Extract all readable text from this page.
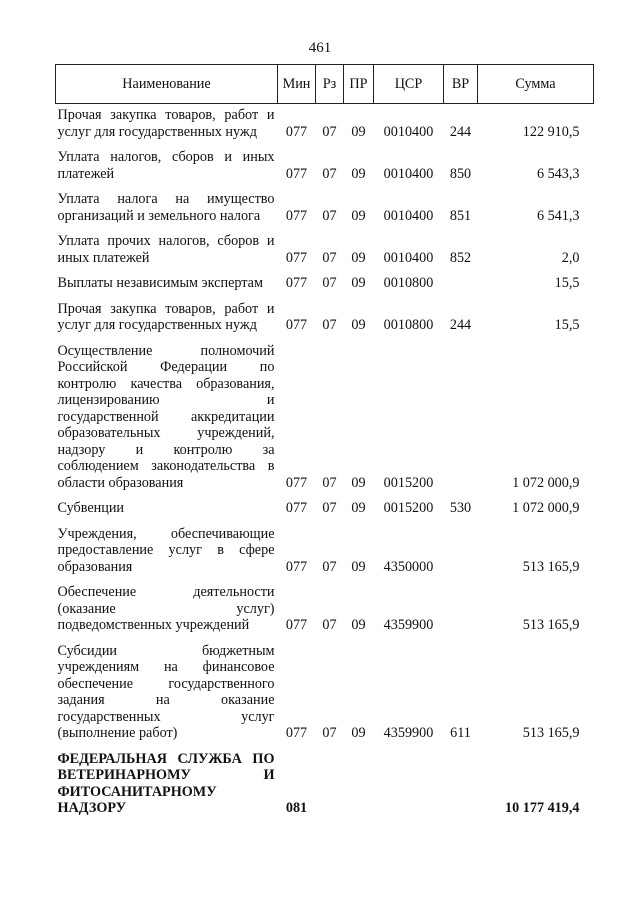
461
Наименование	Мин	Рз	ПР	ЦСР	ВР	Сумма
Прочая закупка товаров, работ и услуг для государственных нужд	077	07	09	0010400	244	122 910,5
Уплата налогов, сборов и иных платежей	077	07	09	0010400	850	6 543,3
Уплата налога на имущество организаций и земельного налога	077	07	09	0010400	851	6 541,3
Уплата прочих налогов, сборов и иных платежей	077	07	09	0010400	852	2,0
Выплаты независимым экспертам	077	07	09	0010800		15,5
Прочая закупка товаров, работ и услуг для государственных нужд	077	07	09	0010800	244	15,5
Осуществление полномочий Российской Федерации по контролю качества образования, лицензированию и государственной аккредитации образовательных учреждений, надзору и контролю за соблюдением законодательства в области образования	077	07	09	0015200		1 072 000,9
Субвенции	077	07	09	0015200	530	1 072 000,9
Учреждения, обеспечивающие предоставление услуг в сфере образования	077	07	09	4350000		513 165,9
Обеспечение деятельности (оказание услуг) подведомственных учреждений	077	07	09	4359900		513 165,9
Субсидии бюджетным учреждениям на финансовое обеспечение государственного задания на оказание государственных услуг (выполнение работ)	077	07	09	4359900	611	513 165,9
ФЕДЕРАЛЬНАЯ СЛУЖБА ПО ВЕТЕРИНАРНОМУ И ФИТОСАНИТАРНОМУ НАДЗОРУ	081					10 177 419,4
